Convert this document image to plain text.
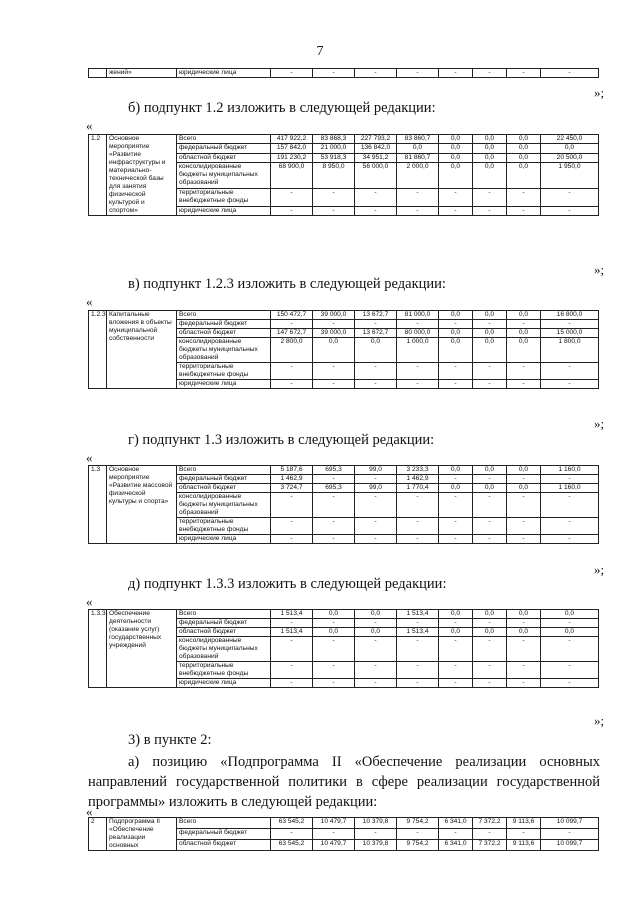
7
	жений»	юридические лица	-	-	-	-	-	-	-	-
»;
б) подпункт 1.2 изложить в следующей редакции:
«
1.2	Основное мероприятие «Развитие инфраструктуры и материально-технической базы для занятия физической культурой и спортом»	Всего	417 922,2	83 868,3	227 793,2	83 860,7	0,0	0,0	0,0	22 450,0
		федеральный бюджет	157 842,0	21 000,0	136 842,0	0,0	0,0	0,0	0,0	0,0
		областной бюджет	191 230,2	53 918,3	34 951,2	81 860,7	0,0	0,0	0,0	20 500,0
		консолидированные бюджеты муниципальных образований	68 900,0	8 950,0	56 000,0	2 000,0	0,0	0,0	0,0	1 950,0
		территориальные внебюджетные фонды	-	-	-	-	-	-	-	-
		юридические лица	-	-	-	-	-	-	-	-
»;
в) подпункт 1.2.3 изложить в следующей редакции:
«
1.2.3	Капитальные вложения в объекты муниципальной собственности	Всего	150 472,7	39 000,0	13 672,7	81 000,0	0,0	0,0	0,0	16 800,0
		федеральный бюджет	-	-	-	-	-	-	-	-
		областной бюджет	147 672,7	39 000,0	13 672,7	80 000,0	0,0	0,0	0,0	15 000,0
		консолидированные бюджеты муниципальных образований	2 800,0	0,0	0,0	1 000,0	0,0	0,0	0,0	1 800,0
		территориальные внебюджетные фонды	-	-	-	-	-	-	-	-
		юридические лица	-	-	-	-	-	-	-	-
»;
г) подпункт 1.3 изложить в следующей редакции:
«
1.3	Основное мероприятие «Развитие массовой физической культуры и спорта»	Всего	5 187,6	695,3	99,0	3 233,3	0,0	0,0	0,0	1 160,0
		федеральный бюджет	1 462,9	-	-	1 462,9	-	-	-	-
		областной бюджет	3 724,7	695,3	99,0	1 770,4	0,0	0,0	0,0	1 160,0
		консолидированные бюджеты муниципальных образований	-	-	-	-	-	-	-	-
		территориальные внебюджетные фонды	-	-	-	-	-	-	-	-
		юридические лица	-	-	-	-	-	-	-	-
»;
д) подпункт 1.3.3 изложить в следующей редакции:
«
1.3.3	Обеспечение деятельности (оказание услуг) государственных учреждений	Всего	1 513,4	0,0	0,0	1 513,4	0,0	0,0	0,0	0,0
		федеральный бюджет	-	-	-	-	-	-	-	-
		областной бюджет	1 513,4	0,0	0,0	1 513,4	0,0	0,0	0,0	0,0
		консолидированные бюджеты муниципальных образований	-	-	-	-	-	-	-	-
		территориальные внебюджетные фонды	-	-	-	-	-	-	-	-
		юридические лица	-	-	-	-	-	-	-	-
»;
3) в пункте 2:
а) позицию «Подпрограмма II «Обеспечение реализации основных направлений государственной политики в сфере реализации государственной программы» изложить в следующей редакции:
«
2	Подпрограмма II «Обеспечение реализации основных	Всего	63 545,2	10 479,7	10 379,8	9 754,2	6 341,0	7 372,2	9 113,6	10 099,7
		федеральный бюджет	-	-	-	-	-	-	-	-
		областной бюджет	63 545,2	10 479,7	10 379,8	9 754,2	6 341,0	7 372,2	9 113,6	10 099,7
